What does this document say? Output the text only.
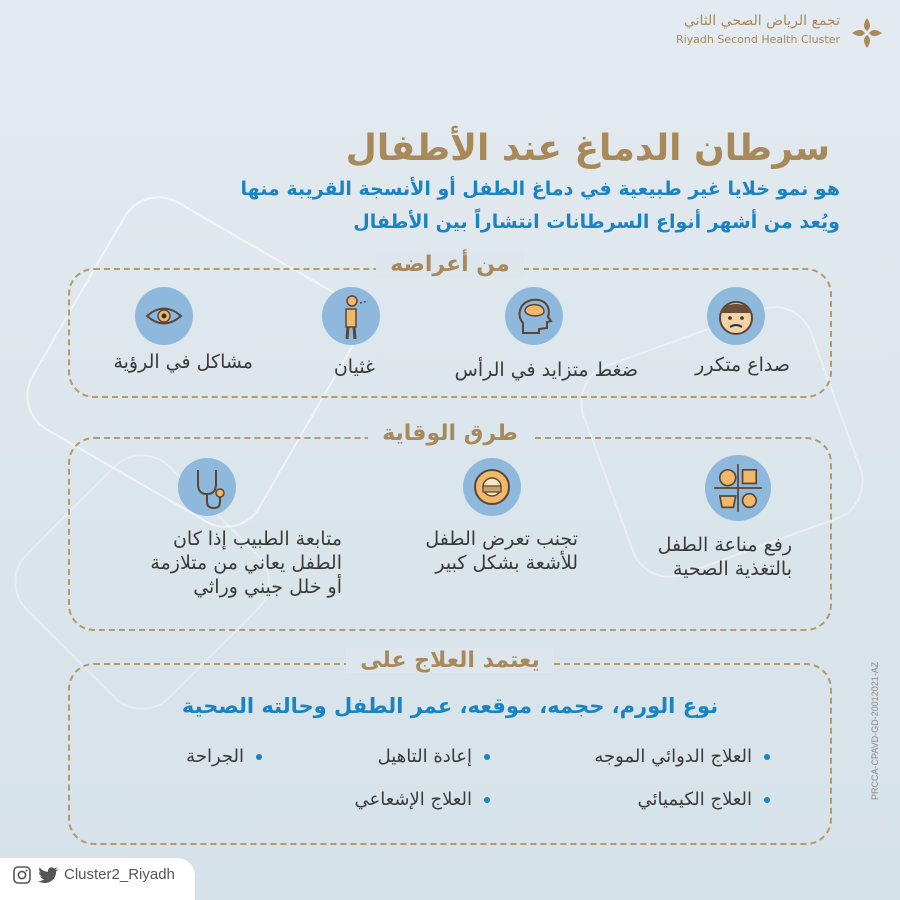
تجمع الرياض الصحي الثاني
Riyadh Second Health Cluster
سرطان الدماغ عند الأطفال
هو نمو خلايا غير طبيعية في دماغ الطفل أو الأنسجة القريبة منها
ويُعد من أشهر أنواع السرطانات انتشاراً بين الأطفال
من أعراضه
صداع متكرر
ضغط متزايد في الرأس
غثيان
مشاكل في الرؤية
طرق الوقاية
رفع مناعة الطفل
بالتغذية الصحية
تجنب تعرض الطفل
للأشعة بشكل كبير
متابعة الطبيب إذا كان
الطفل يعاني من متلازمة
أو خلل جيني وراثي
يعتمد العلاج على
نوع الورم، حجمه، موقعه، عمر الطفل وحالته الصحية
العلاج الدوائي الموجه
إعادة التاهيل
الجراحة
العلاج الكيميائي
العلاج الإشعاعي	PRCCA-CPAVD-GD-20012021-AZ
Cluster2_Riyadh
